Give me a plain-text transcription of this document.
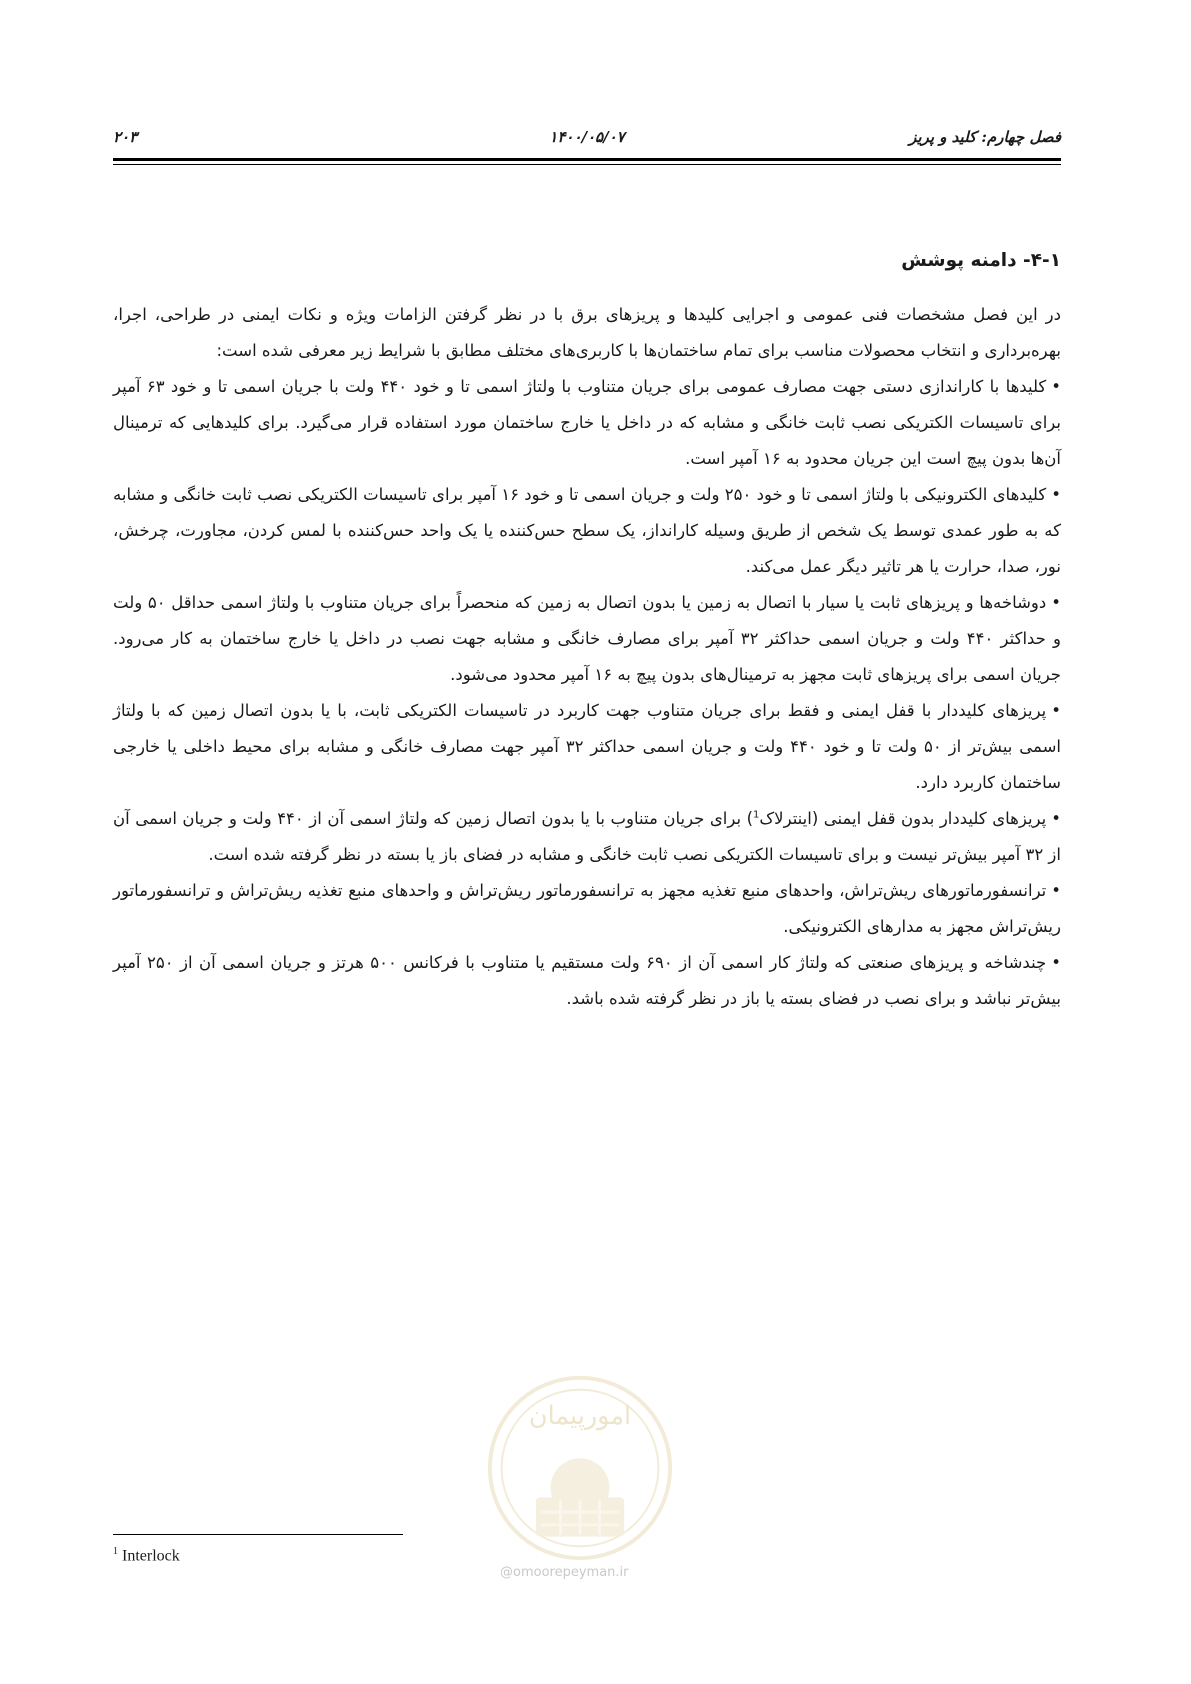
فصل چهارم: کلید و پریز
۱۴۰۰/۰۵/۰۷
۲۰۳
۴-۱- دامنه پوشش

در این فصل مشخصات فنی عمومی و اجرایی کلیدها و پریزهای برق با در نظر گرفتن الزامات ویژه و نکات ایمنی در طراحی، اجرا، بهره‌برداری و انتخاب محصولات مناسب برای تمام ساختمان‌ها با کاربری‌های مختلف مطابق با شرایط زیر معرفی شده است:

•کلیدها با کاراندازی دستی جهت مصارف عمومی برای جریان متناوب با ولتاژ اسمی تا و خود ۴۴۰ ولت با جریان اسمی تا و خود ۶۳ آمپر برای تاسیسات الکتریکی نصب ثابت خانگی و مشابه که در داخل یا خارج ساختمان مورد استفاده قرار می‌گیرد. برای کلیدهایی که ترمینال آن‌ها بدون پیچ است این جریان محدود به ۱۶ آمپر است.

•کلیدهای الکترونیکی با ولتاژ اسمی تا و خود ۲۵۰ ولت و جریان اسمی تا و خود ۱۶ آمپر برای تاسیسات الکتریکی نصب ثابت خانگی و مشابه که به طور عمدی توسط یک شخص از طریق وسیله کارانداز، یک سطح حس‌کننده یا یک واحد حس‌کننده با لمس کردن، مجاورت، چرخش، نور، صدا، حرارت یا هر تاثیر دیگر عمل می‌کند.

•دوشاخه‌ها و پریزهای ثابت یا سیار با اتصال به زمین یا بدون اتصال به زمین که منحصراً برای جریان متناوب با ولتاژ اسمی حداقل ۵۰ ولت و حداکثر ۴۴۰ ولت و جریان اسمی حداکثر ۳۲ آمپر برای مصارف خانگی و مشابه جهت نصب در داخل یا خارج ساختمان به کار می‌رود. جریان اسمی برای پریزهای ثابت مجهز به ترمینال‌های بدون پیچ به ۱۶ آمپر محدود می‌شود.

•پریزهای کلیددار با قفل ایمنی و فقط برای جریان متناوب جهت کاربرد در تاسیسات الکتریکی ثابت، با یا بدون اتصال زمین که با ولتاژ اسمی بیش‌تر از ۵۰ ولت تا و خود ۴۴۰ ولت و جریان اسمی حداکثر ۳۲ آمپر جهت مصارف خانگی و مشابه برای محیط داخلی یا خارجی ساختمان کاربرد دارد.

•پریزهای کلیددار بدون قفل ایمنی (اینترلاک$^1$) برای جریان متناوب با یا بدون اتصال زمین که ولتاژ اسمی آن از ۴۴۰ ولت و جریان اسمی آن از ۳۲ آمپر بیش‌تر نیست و برای تاسیسات الکتریکی نصب ثابت خانگی و مشابه در فضای باز یا بسته در نظر گرفته شده است.

•ترانسفورماتورهای ریش‌تراش، واحدهای منبع تغذیه مجهز به ترانسفورماتور ریش‌تراش و واحدهای منبع تغذیه ریش‌تراش و ترانسفورماتور ریش‌تراش مجهز به مدارهای الکترونیکی.

•چندشاخه و پریزهای صنعتی که ولتاژ کار اسمی آن از ۶۹۰ ولت مستقیم یا متناوب با فرکانس ۵۰۰ هرتز و جریان اسمی آن از ۲۵۰ آمپر بیش‌تر نباشد و برای نصب در فضای بسته یا باز در نظر گرفته شده باشد.

امورپیمان
@omoorepeyman.ir
$^1$ Interlock
